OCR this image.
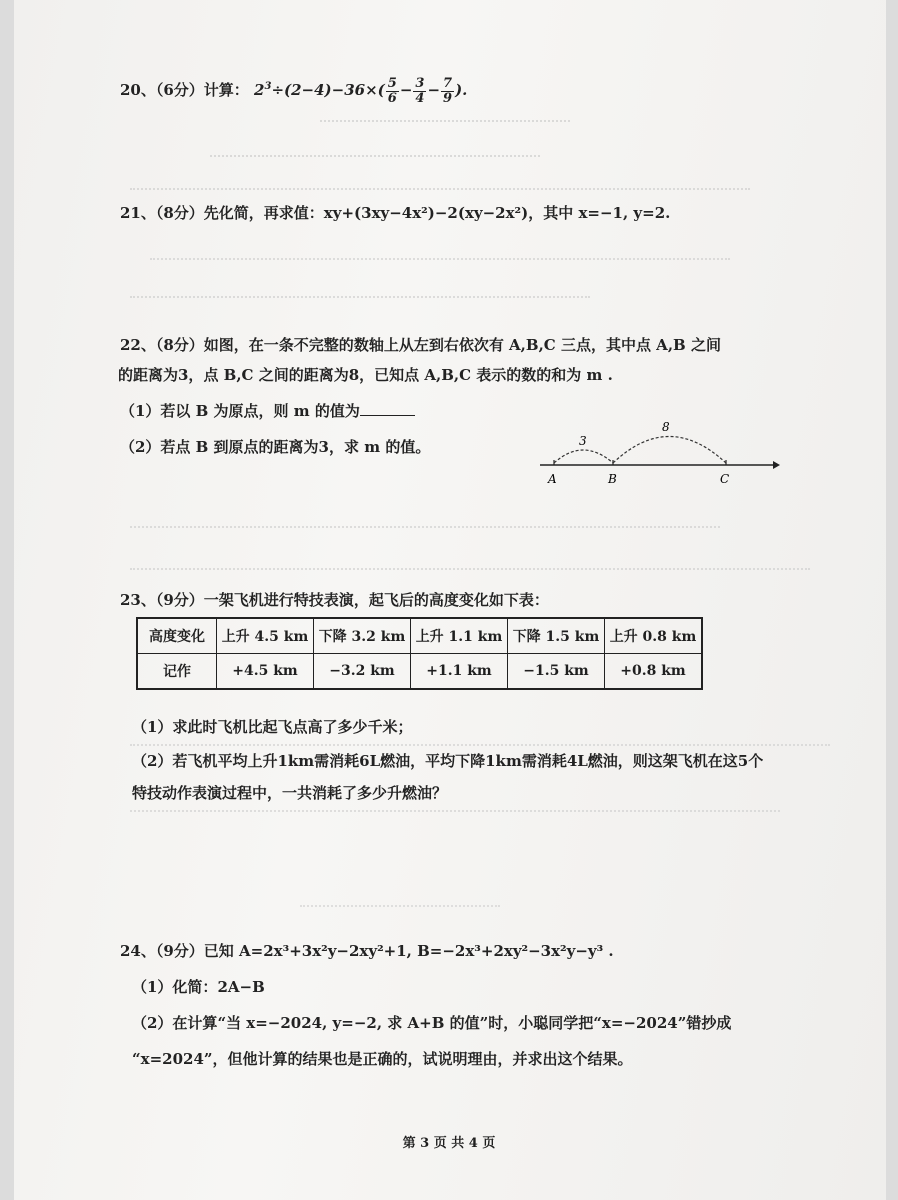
20、（6分）计算： $2^3\div(2-4)-36\times( \frac{5}{6} - \frac{3}{4} - \frac{7}{9}$ ).
21、（8分）先化简，再求值：xy+(3xy−4x²)−2(xy−2x²)，其中 x=−1, y=2.
22、（8分）如图，在一条不完整的数轴上从左到右依次有 A,B,C 三点，其中点 A,B 之间
的距离为3，点 B,C 之间的距离为8，已知点 A,B,C 表示的数的和为 m .
（1）若以 B 为原点，则 m 的值为
（2）若点 B 到原点的距离为3，求 m 的值。	3
8
A	B	C
23、（9分）一架飞机进行特技表演，起飞后的高度变化如下表：
高度变化	上升 4.5 km	下降 3.2 km	上升 1.1 km	下降 1.5 km	上升 0.8 km
记作	+4.5 km	−3.2 km	+1.1 km	−1.5 km	+0.8 km
（1）求此时飞机比起飞点高了多少千米；
（2）若飞机平均上升1km需消耗6L燃油，平均下降1km需消耗4L燃油，则这架飞机在这5个
特技动作表演过程中，一共消耗了多少升燃油？
24、（9分）已知 A=2x³+3x²y−2xy²+1, B=−2x³+2xy²−3x²y−y³ .
（1）化简：2A−B
（2）在计算“当 x=−2024, y=−2, 求 A+B 的值”时，小聪同学把“x=−2024”错抄成
“x=2024”，但他计算的结果也是正确的，试说明理由，并求出这个结果。
第 3 页 共 4 页
